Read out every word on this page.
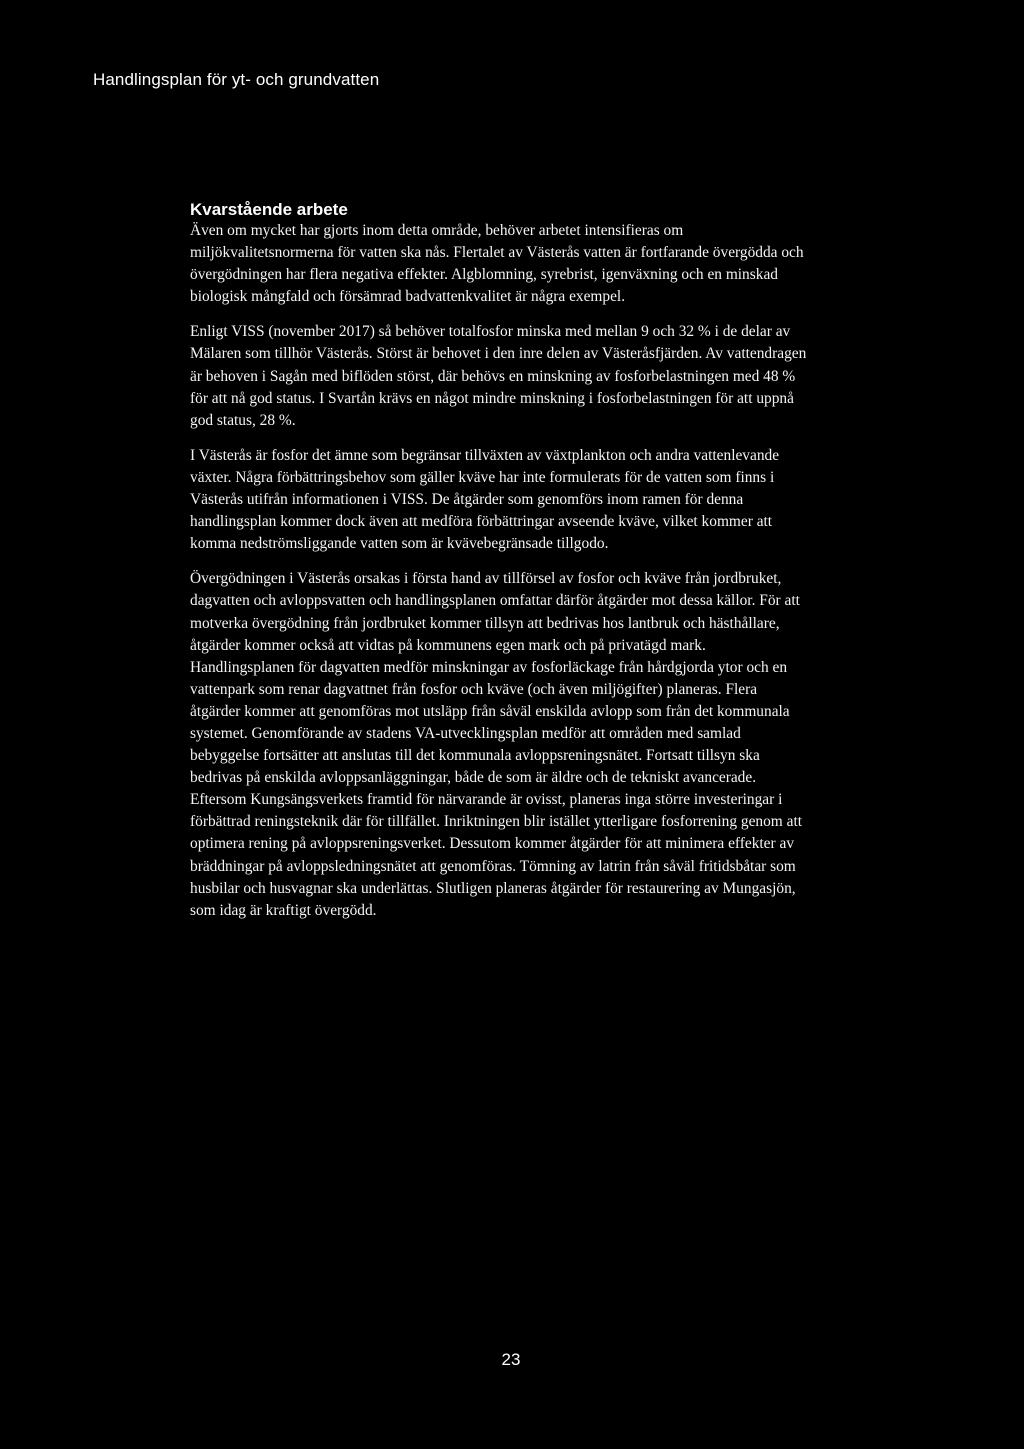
Handlingsplan för yt- och grundvatten
Kvarstående arbete

Även om mycket har gjorts inom detta område, behöver arbetet intensifieras om miljökvalitetsnormerna för vatten ska nås. Flertalet av Västerås vatten är fortfarande övergödda och övergödningen har flera negativa effekter. Algblomning, syrebrist, igenväxning och en minskad biologisk mångfald och försämrad badvattenkvalitet är några exempel.

Enligt VISS (november 2017) så behöver totalfosfor minska med mellan 9 och 32 % i de delar av Mälaren som tillhör Västerås. Störst är behovet i den inre delen av Västeråsfjärden. Av vattendragen är behoven i Sagån med biflöden störst, där behövs en minskning av fosforbelastningen med 48 % för att nå god status. I Svartån krävs en något mindre minskning i fosforbelastningen för att uppnå god status, 28 %.

I Västerås är fosfor det ämne som begränsar tillväxten av växtplankton och andra vattenlevande växter. Några förbättringsbehov som gäller kväve har inte formulerats för de vatten som finns i Västerås utifrån informationen i VISS. De åtgärder som genomförs inom ramen för denna handlingsplan kommer dock även att medföra förbättringar avseende kväve, vilket kommer att komma nedströmsliggande vatten som är kvävebegränsade tillgodo.

Övergödningen i Västerås orsakas i första hand av tillförsel av fosfor och kväve från jordbruket, dagvatten och avloppsvatten och handlingsplanen omfattar därför åtgärder mot dessa källor. För att motverka övergödning från jordbruket kommer tillsyn att bedrivas hos lantbruk och hästhållare, åtgärder kommer också att vidtas på kommunens egen mark och på privatägd mark. Handlingsplanen för dagvatten medför minskningar av fosforläckage från hårdgjorda ytor och en vattenpark som renar dagvattnet från fosfor och kväve (och även miljögifter) planeras. Flera åtgärder kommer att genomföras mot utsläpp från såväl enskilda avlopp som från det kommunala systemet. Genomförande av stadens VA-utvecklingsplan medför att områden med samlad bebyggelse fortsätter att anslutas till det kommunala avloppsreningsnätet. Fortsatt tillsyn ska bedrivas på enskilda avloppsanläggningar, både de som är äldre och de tekniskt avancerade. Eftersom Kungsängsverkets framtid för närvarande är ovisst, planeras inga större investeringar i förbättrad reningsteknik där för tillfället. Inriktningen blir istället ytterligare fosforrening genom att optimera rening på avloppsreningsverket. Dessutom kommer åtgärder för att minimera effekter av bräddningar på avloppsledningsnätet att genomföras. Tömning av latrin från såväl fritidsbåtar som husbilar och husvagnar ska underlättas. Slutligen planeras åtgärder för restaurering av Mungasjön, som idag är kraftigt övergödd.

23
